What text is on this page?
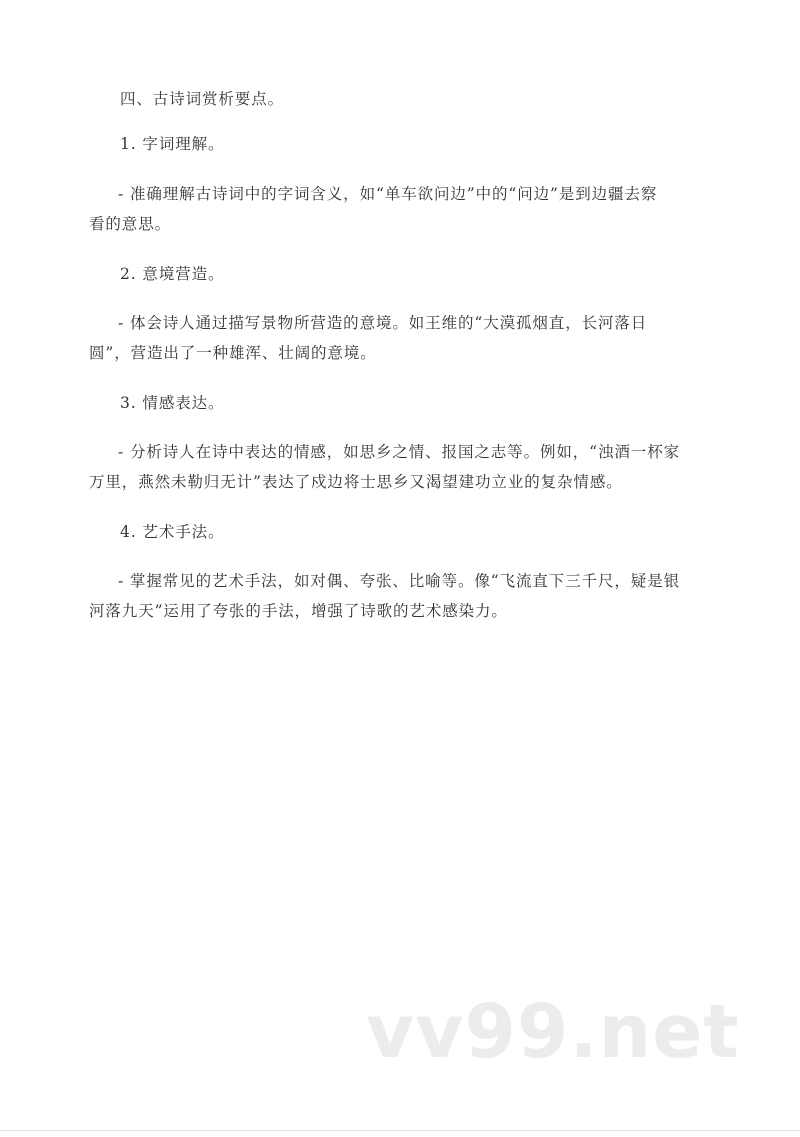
四、古诗词赏析要点。
1. 字词理解。
- 准确理解古诗词中的字词含义，如“单车欲问边”中的“问边”是到边疆去察
看的意思。
2. 意境营造。
- 体会诗人通过描写景物所营造的意境。如王维的“大漠孤烟直，长河落日
圆”，营造出了一种雄浑、壮阔的意境。
3. 情感表达。
- 分析诗人在诗中表达的情感，如思乡之情、报国之志等。例如，“浊酒一杯家
万里，燕然未勒归无计”表达了戍边将士思乡又渴望建功立业的复杂情感。
4. 艺术手法。
- 掌握常见的艺术手法，如对偶、夸张、比喻等。像“飞流直下三千尺，疑是银
河落九天”运用了夸张的手法，增强了诗歌的艺术感染力。
vv99.net
